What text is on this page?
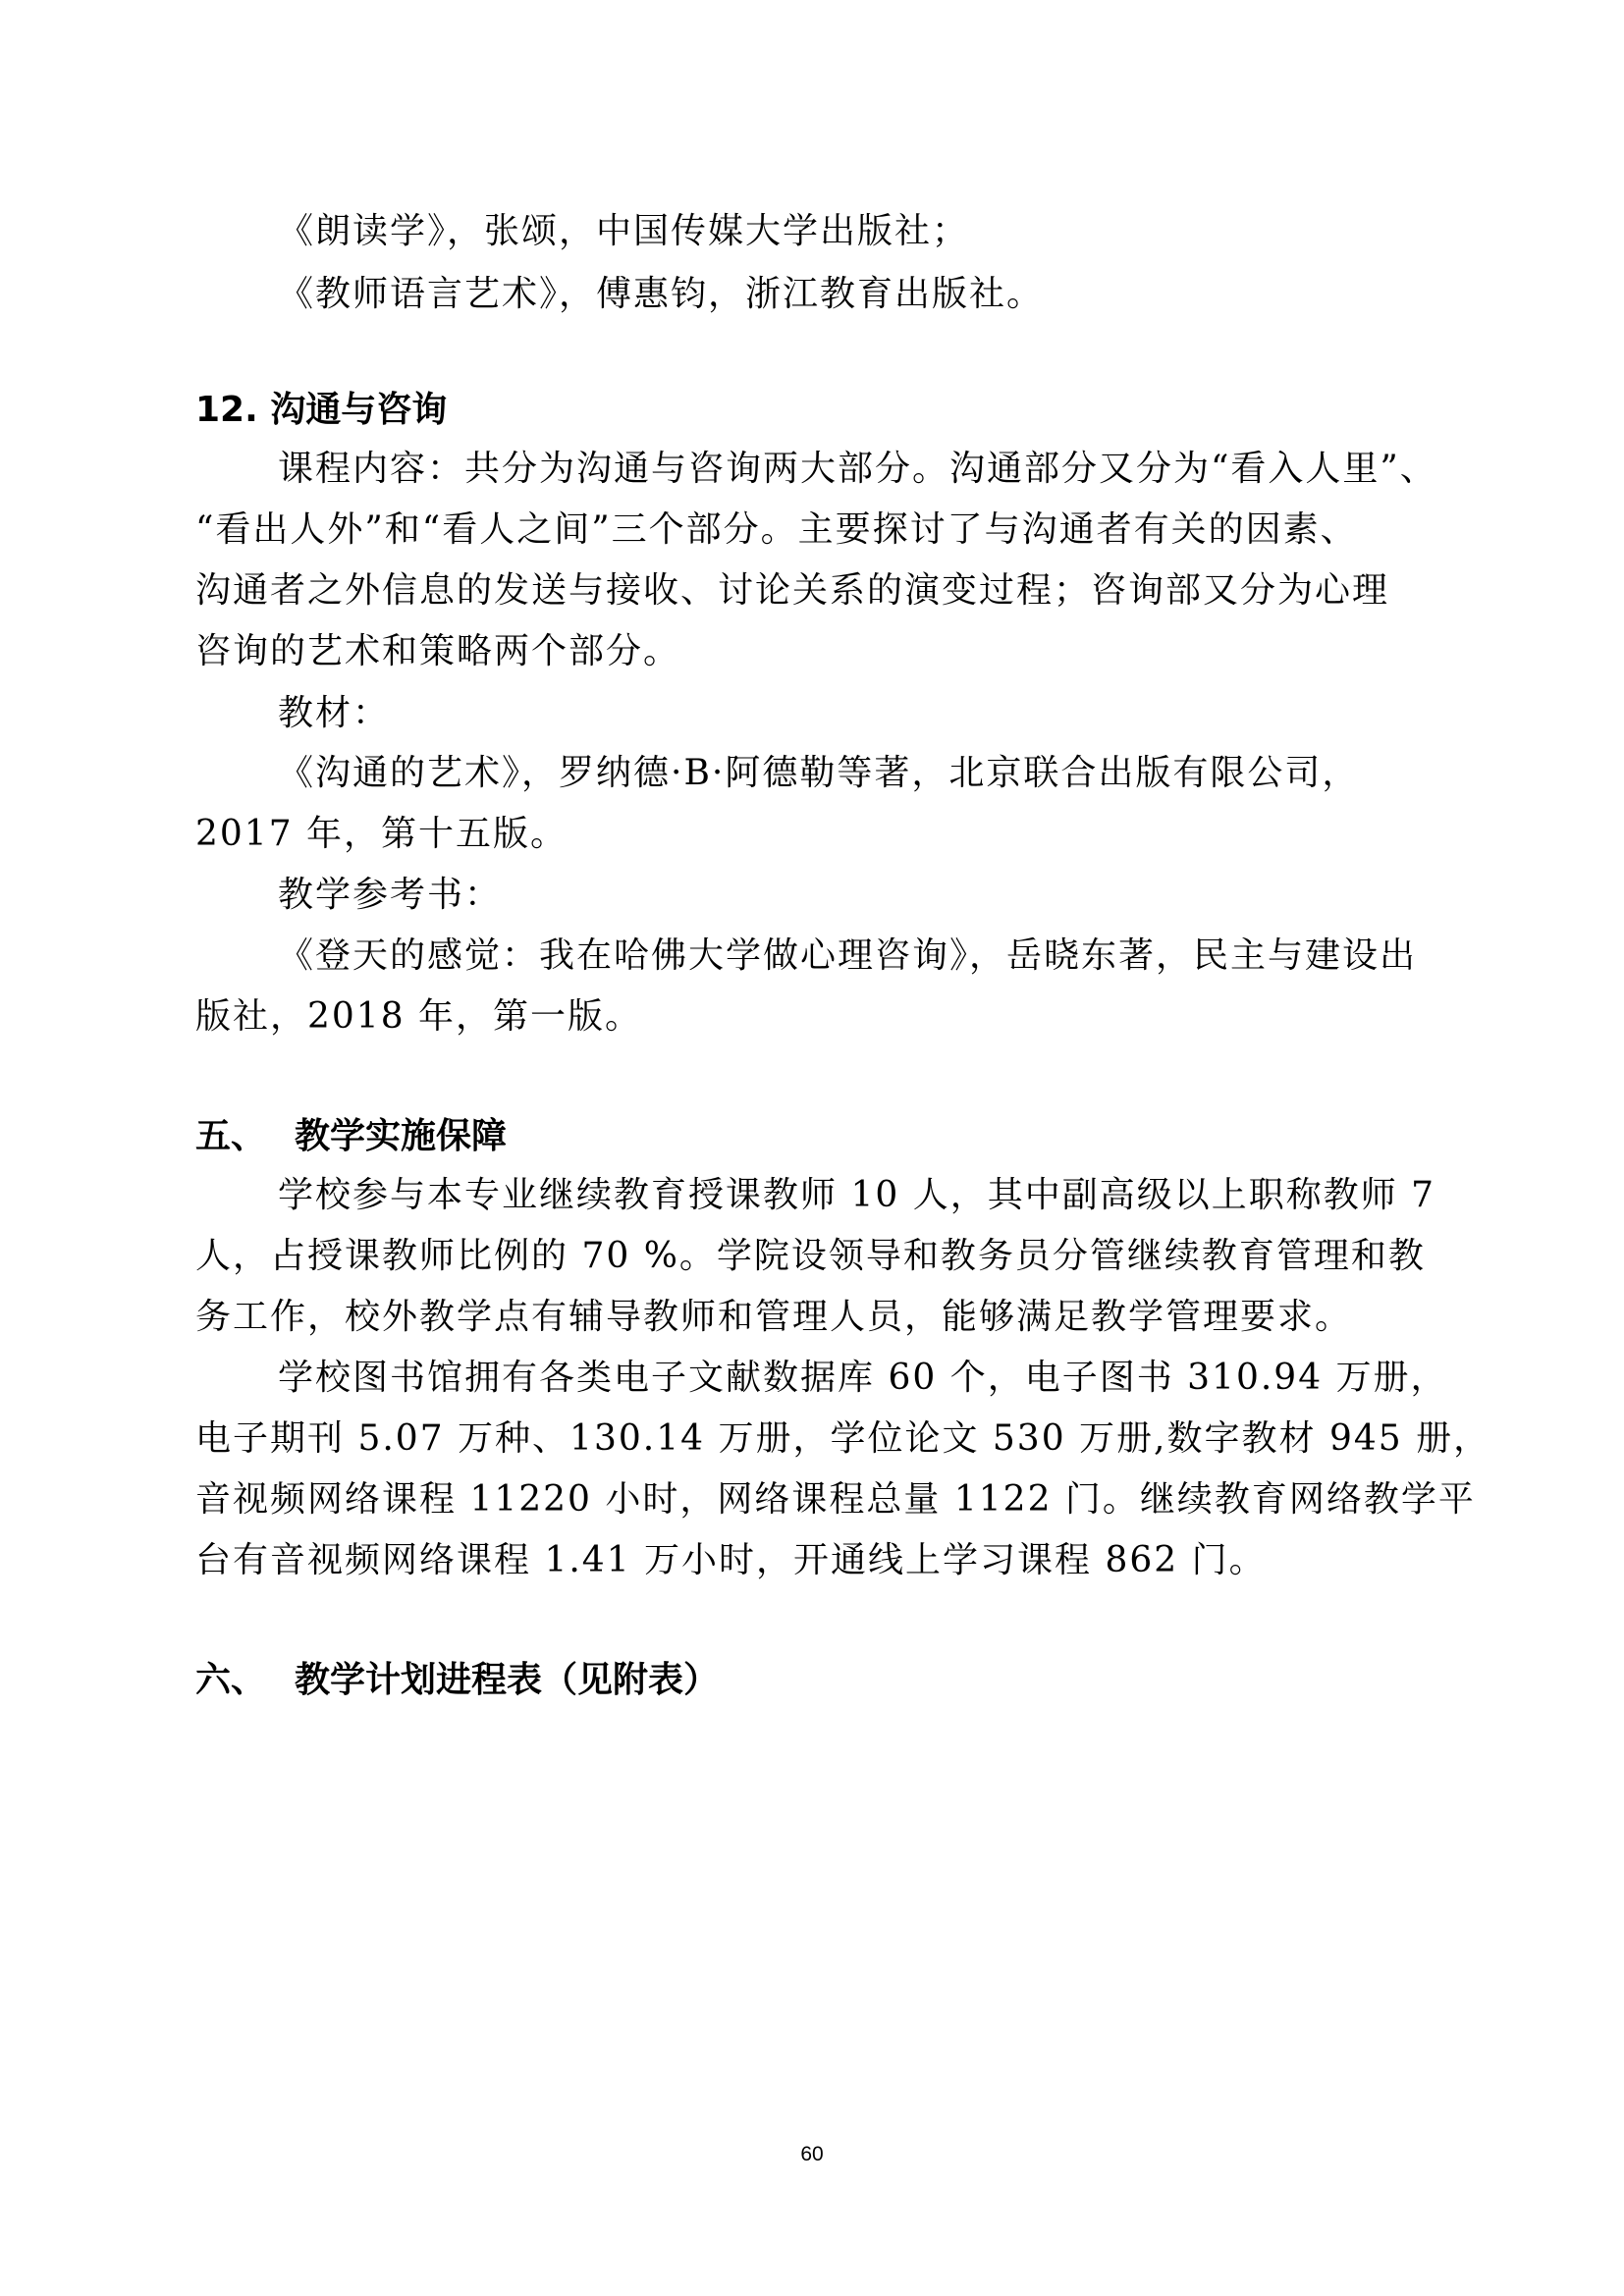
《朗读学》，张颂，中国传媒大学出版社；
《教师语言艺术》，傅惠钧，浙江教育出版社。
12. 沟通与咨询
课程内容：共分为沟通与咨询两大部分。沟通部分又分为“看入人里”、
“看出人外”和“看人之间”三个部分。主要探讨了与沟通者有关的因素、
沟通者之外信息的发送与接收、讨论关系的演变过程；咨询部又分为心理
咨询的艺术和策略两个部分。
教材：
《沟通的艺术》，罗纳德·B·阿德勒等著，北京联合出版有限公司，
2017 年，第十五版。
教学参考书：
《登天的感觉：我在哈佛大学做心理咨询》，岳晓东著，民主与建设出
版社，2018 年，第一版。
五、 教学实施保障
学校参与本专业继续教育授课教师 10 人，其中副高级以上职称教师 7
人，占授课教师比例的 70 %。学院设领导和教务员分管继续教育管理和教
务工作，校外教学点有辅导教师和管理人员，能够满足教学管理要求。
学校图书馆拥有各类电子文献数据库 60 个，电子图书 310.94 万册，
电子期刊 5.07 万种、130.14 万册，学位论文 530 万册,数字教材 945 册，
音视频网络课程 11220 小时，网络课程总量 1122 门。继续教育网络教学平
台有音视频网络课程 1.41 万小时，开通线上学习课程 862 门。
六、 教学计划进程表（见附表）
60
